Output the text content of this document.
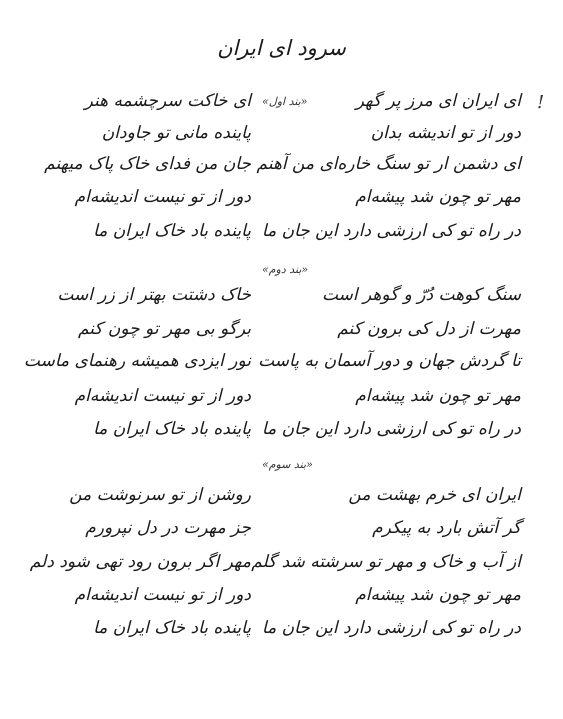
سرود ای ایران
!
«بند اول»	ای ایران ای مرز پر گهر
ای خاکت سرچشمه هنر
دور از تو اندیشه بدان
پاینده مانی تو جاودان
ای دشمن ار تو سنگ خاره‌ای من آهنم
جان من فدای خاک پاک میهنم
مهر تو چون شد پیشه‌ام
دور از تو نیست اندیشه‌ام
در راه تو کی ارزشی دارد این جان ما
پاینده باد خاک ایران ما
«بند دوم»
سنگ کوهت دُرّ و گوهر است
خاک دشتت بهتر از زر است
مهرت از دل کی برون کنم
برگو بی مهر تو چون کنم
تا گردش جهان و دور آسمان به پاست
نور ایزدی همیشه رهنمای ماست
مهر تو چون شد پیشه‌ام
دور از تو نیست اندیشه‌ام
در راه تو کی ارزشی دارد این جان ما
پاینده باد خاک ایران ما
«بند سوم»
ایران ای خرم بهشت من
روشن از تو سرنوشت من
گر آتش بارد به پیکرم
جز مهرت در دل نپرورم
از آب و خاک و مهر تو سرشته شد گلم
مهر اگر برون رود تهی شود دلم
مهر تو چون شد پیشه‌ام
دور از تو نیست اندیشه‌ام
در راه تو کی ارزشی دارد این جان ما
پاینده باد خاک ایران ما
